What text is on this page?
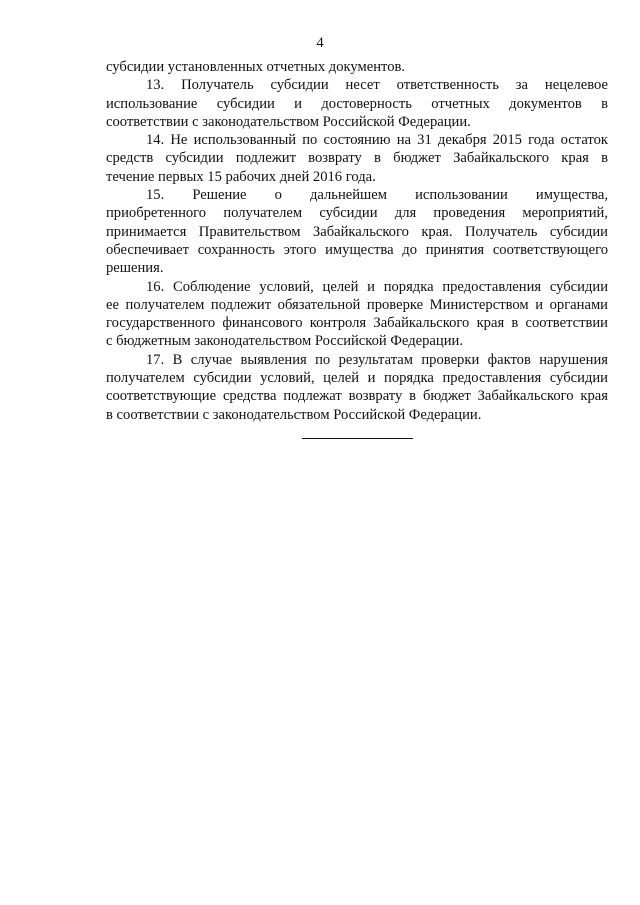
4
субсидии установленных отчетных документов.
13. Получатель субсидии несет ответственность за нецелевое
использование субсидии и достоверность отчетных документов в
соответствии с законодательством Российской Федерации.
14. Не использованный по состоянию на 31 декабря 2015 года остаток
средств субсидии подлежит возврату в бюджет Забайкальского края в
течение первых 15 рабочих дней 2016 года.
15. Решение о дальнейшем использовании имущества,
приобретенного получателем субсидии для проведения мероприятий,
принимается Правительством Забайкальского края. Получатель субсидии
обеспечивает сохранность этого имущества до принятия соответствующего
решения.
16. Соблюдение условий, целей и порядка предоставления субсидии
ее получателем подлежит обязательной проверке Министерством и органами
государственного финансового контроля Забайкальского края в соответствии
с бюджетным законодательством Российской Федерации.
17. В случае выявления по результатам проверки фактов нарушения
получателем субсидии условий, целей и порядка предоставления субсидии
соответствующие средства подлежат возврату в бюджет Забайкальского края
в соответствии с законодательством Российской Федерации.
